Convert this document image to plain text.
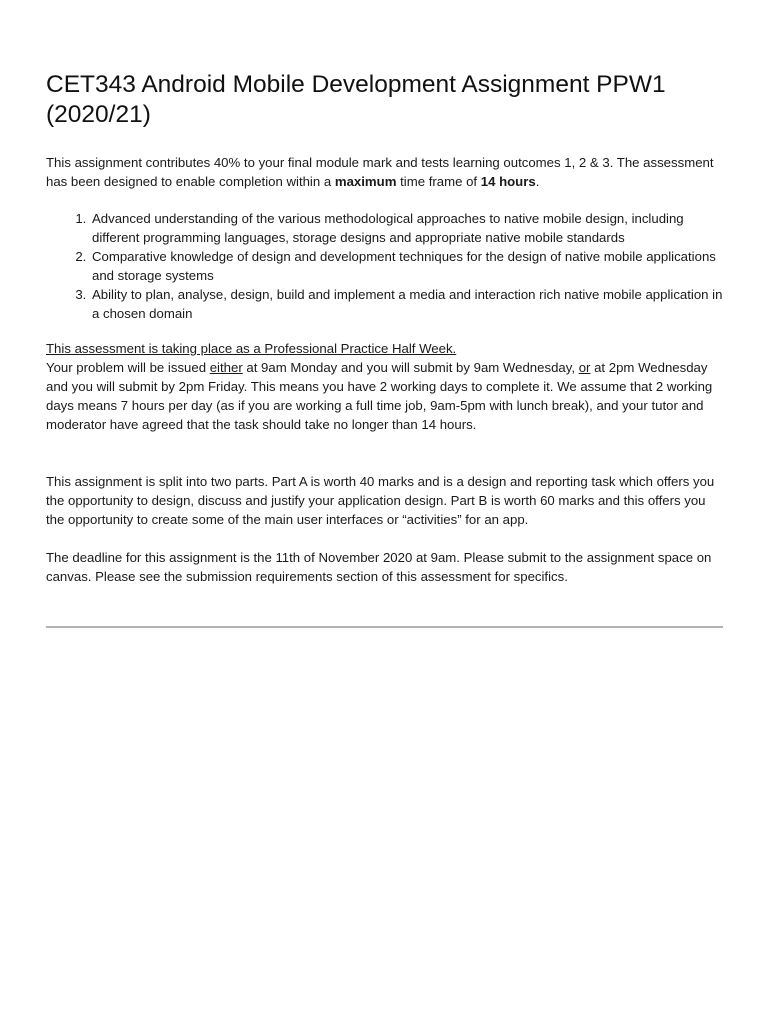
CET343 Android Mobile Development Assignment PPW1 (2020/21)

This assignment contributes 40% to your final module mark and tests learning outcomes 1, 2 & 3. The assessment has been designed to enable completion within a maximum time frame of 14 hours.

1. Advanced understanding of the various methodological approaches to native mobile design, including different programming languages, storage designs and appropriate native mobile standards
2. Comparative knowledge of design and development techniques for the design of native mobile applications and storage systems
3. Ability to plan, analyse, design, build and implement a media and interaction rich native mobile application in a chosen domain

This assessment is taking place as a Professional Practice Half Week.

Your problem will be issued either at 9am Monday and you will submit by 9am Wednesday, or at 2pm Wednesday and you will submit by 2pm Friday. This means you have 2 working days to complete it. We assume that 2 working days means 7 hours per day (as if you are working a full time job, 9am-5pm with lunch break), and your tutor and moderator have agreed that the task should take no longer than 14 hours.

This assignment is split into two parts. Part A is worth 40 marks and is a design and reporting task which offers you the opportunity to design, discuss and justify your application design. Part B is worth 60 marks and this offers you the opportunity to create some of the main user interfaces or “activities” for an app.

The deadline for this assignment is the 11th of November 2020 at 9am. Please submit to the assignment space on canvas. Please see the submission requirements section of this assessment for specifics.
